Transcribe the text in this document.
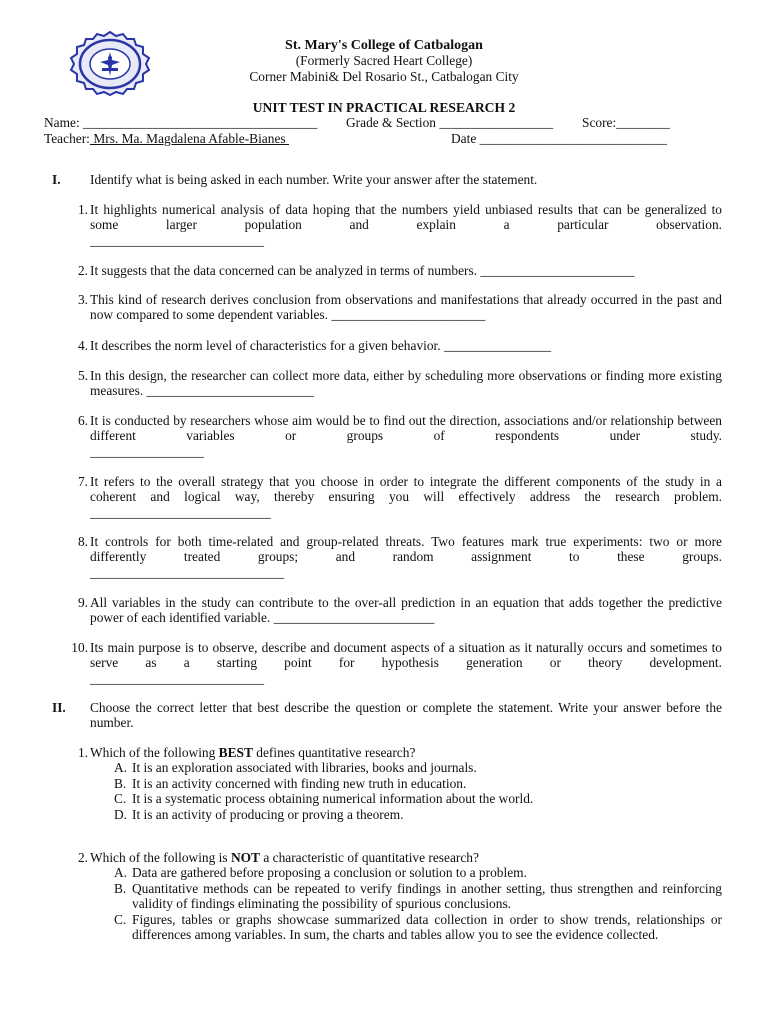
St. Mary's College of Catbalogan
(Formerly Sacred Heart College)
Corner Mabini& Del Rosario St., Catbalogan City
UNIT TEST IN PRACTICAL RESEARCH 2
Name: ___________________________________ Grade & Section _________________ Score:________
Teacher: Mrs. Ma. Magdalena Afable-Bianes	Date ____________________________
I.	Identify what is being asked in each number. Write your answer after the statement.
1. It highlights numerical analysis of data hoping that the numbers yield unbiased results that can be generalized to some larger population and explain a particular observation.
__________________________
2. It suggests that the data concerned can be analyzed in terms of numbers. _______________________
3. This kind of research derives conclusion from observations and manifestations that already occurred in the past and now compared to some dependent variables. _______________________
4. It describes the norm level of characteristics for a given behavior. ________________
5. In this design, the researcher can collect more data, either by scheduling more observations or finding more existing measures. _________________________
6. It is conducted by researchers whose aim would be to find out the direction, associations and/or relationship between different variables or groups of respondents under study.
_________________
7. It refers to the overall strategy that you choose in order to integrate the different components of the study in a coherent and logical way, thereby ensuring you will effectively address the research problem.
___________________________
8. It controls for both time-related and group-related threats. Two features mark true experiments: two or more differently treated groups; and random assignment to these groups.
_____________________________
9. All variables in the study can contribute to the over-all prediction in an equation that adds together the predictive power of each identified variable. ________________________
10. Its main purpose is to observe, describe and document aspects of a situation as it naturally occurs and sometimes to serve as a starting point for hypothesis generation or theory development.
__________________________
II.	Choose the correct letter that best describe the question or complete the statement. Write your answer before the number.
1. Which of the following BEST defines quantitative research?
A. It is an exploration associated with libraries, books and journals.
B. It is an activity concerned with finding new truth in education.
C. It is a systematic process obtaining numerical information about the world.
D. It is an activity of producing or proving a theorem.
2. Which of the following is NOT a characteristic of quantitative research?
A. Data are gathered before proposing a conclusion or solution to a problem.
B. Quantitative methods can be repeated to verify findings in another setting, thus strengthen and reinforcing validity of findings eliminating the possibility of spurious conclusions.
C. Figures, tables or graphs showcase summarized data collection in order to show trends, relationships or differences among variables. In sum, the charts and tables allow you to see the evidence collected.
